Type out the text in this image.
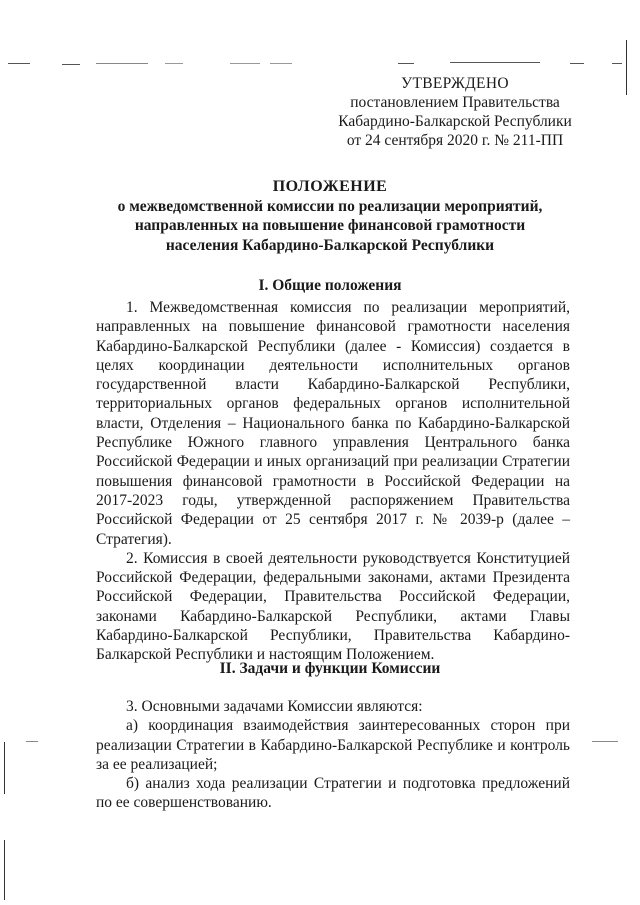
УТВЕРЖДЕНО
постановлением Правительства
Кабардино-Балкарской Республики
от 24 сентября 2020 г. № 211-ПП
ПОЛОЖЕНИЕ
о межведомственной комиссии по реализации мероприятий,
направленных на повышение финансовой грамотности
населения Кабардино-Балкарской Республики
I. Общие положения

1. Межведомственная комиссия по реализации мероприятий, направленных на повышение финансовой грамотности населения Кабардино-Балкарской Республики (далее - Комиссия) создается в целях координации деятельности исполнительных органов государственной власти Кабардино-Балкарской Республики, территориальных органов федеральных органов исполнительной власти, Отделения – Национального банка по Кабардино-Балкарской Республике Южного главного управления Центрального банка Российской Федерации и иных организаций при реализации Стратегии повышения финансовой грамотности в Российской Федерации на 2017-2023 годы, утвержденной распоряжением Правительства Российской Федерации от 25 сентября 2017 г. № 2039-р (далее – Стратегия).

2. Комиссия в своей деятельности руководствуется Конституцией Российской Федерации, федеральными законами, актами Президента Российской Федерации, Правительства Российской Федерации, законами Кабардино-Балкарской Республики, актами Главы Кабардино-Балкарской Республики, Правительства Кабардино-Балкарской Республики и настоящим Положением.

II. Задачи и функции Комиссии

3. Основными задачами Комиссии являются:

а) координация взаимодействия заинтересованных сторон при реализации Стратегии в Кабардино-Балкарской Республике и контроль за ее реализацией;

б) анализ хода реализации Стратегии и подготовка предложений по ее совершенствованию.
